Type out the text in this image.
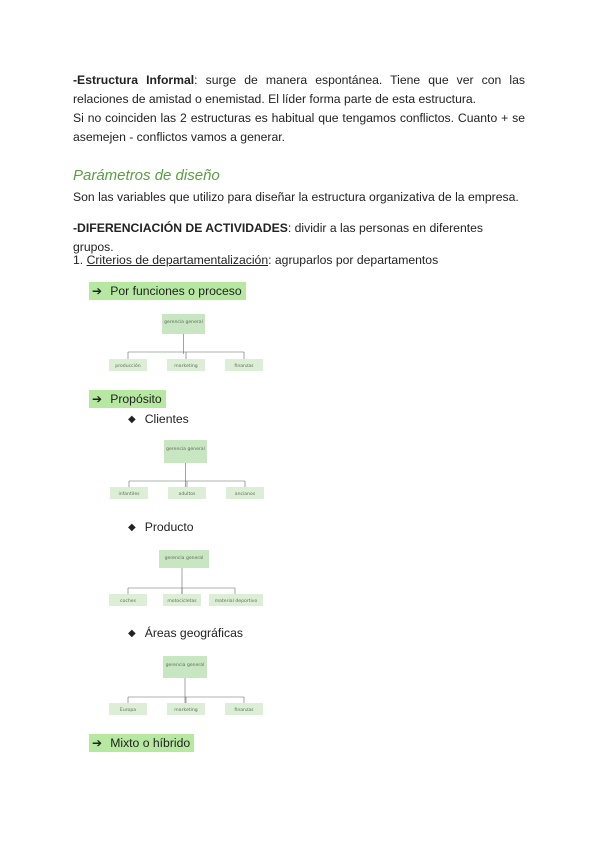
-Estructura Informal: surge de manera espontánea. Tiene que ver con las

relaciones de amistad o enemistad. El líder forma parte de esta estructura.

Si no coinciden las 2 estructuras es habitual que tengamos conflictos. Cuanto + se

asemejen - conflictos vamos a generar.

Parámetros de diseño

Son las variables que utilizo para diseñar la estructura organizativa de la empresa.

-DIFERENCIACIÓN DE ACTIVIDADES: dividir a las personas en diferentes grupos.

1. Criterios de departamentalización: agruparlos por departamentos

➔ Por funciones o proceso
gerencia general
producción	marketing	finanzas
➔ Propósito
◆ Clientes
gerencia general
infantiles	adultos	ancianos
◆ Producto
gerencia general
coches	motocicletas	material deportivo
◆ Áreas geográficas
gerencia general
Europa	marketing	finanzas
➔ Mixto o híbrido
